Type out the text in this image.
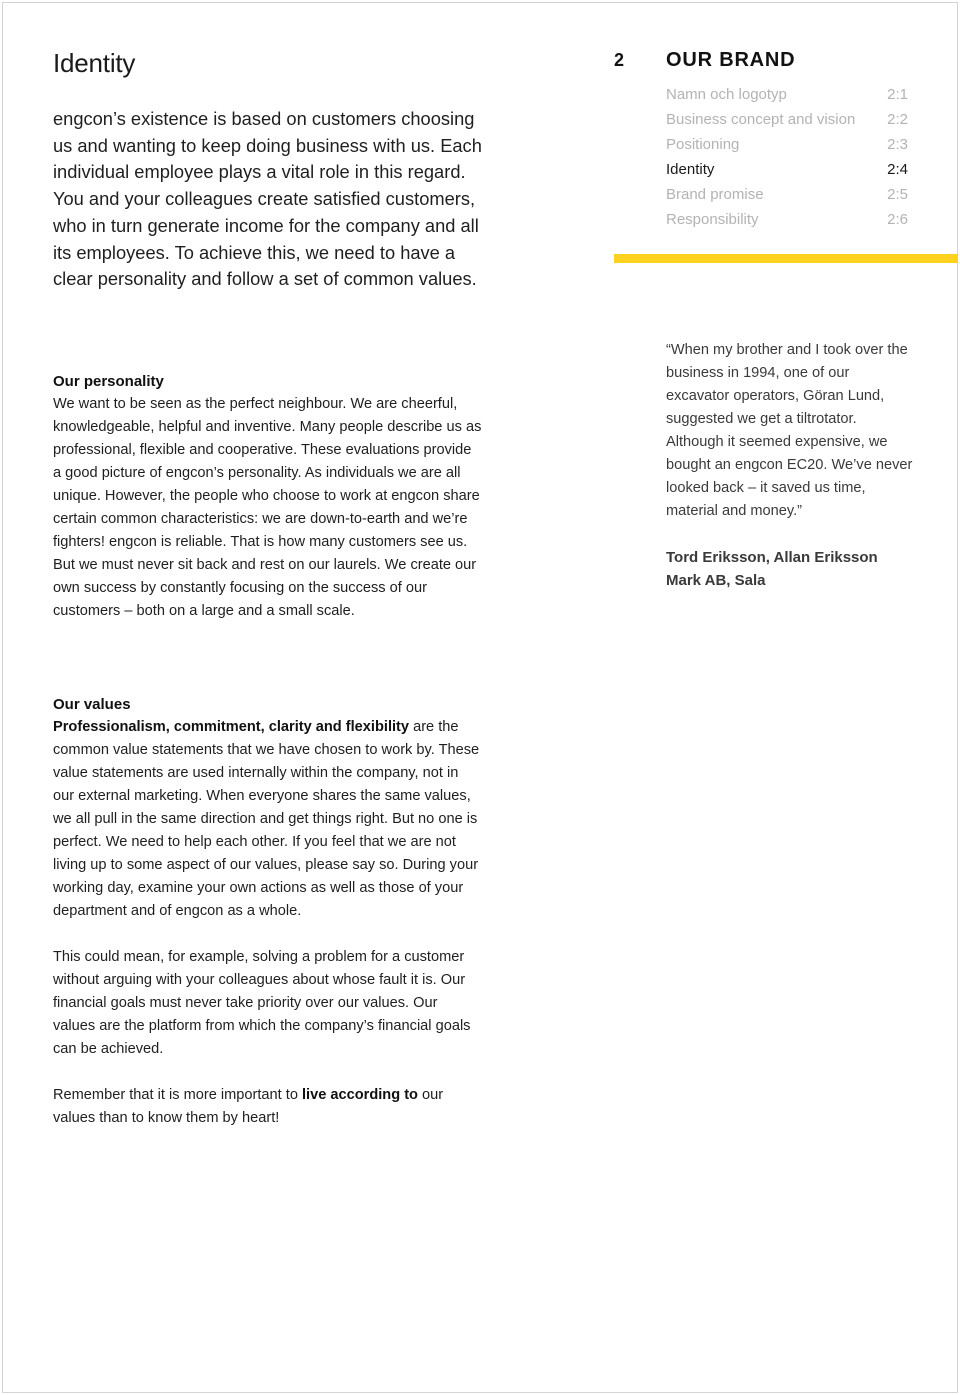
Identity

engcon’s existence is based on customers choosing us and wanting to keep doing business with us. Each individual employee plays a vital role in this regard. You and your colleagues create satisfied customers, who in turn generate income for the company and all its employees. To achieve this, we need to have a clear personality and follow a set of common values.

Our personality

We want to be seen as the perfect neighbour. We are cheerful, knowledgeable, helpful and inventive. Many people describe us as professional, flexible and cooperative. These evaluations provide a good picture of engcon’s personality. As individuals we are all unique. However, the people who choose to work at engcon share certain common characteristics: we are down-to-earth and we’re fighters! engcon is reliable. That is how many customers see us. But we must never sit back and rest on our laurels. We create our own success by constantly focusing on the success of our customers – both on a large and a small scale.

Our values

Professionalism, commitment, clarity and flexibility are the common value statements that we have chosen to work by. These value statements are used internally within the company, not in our external marketing. When everyone shares the same values, we all pull in the same direction and get things right. But no one is perfect. We need to help each other. If you feel that we are not living up to some aspect of our values, please say so. During your working day, examine your own actions as well as those of your department and of engcon as a whole.

This could mean, for example, solving a problem for a customer without arguing with your colleagues about whose fault it is. Our financial goals must never take priority over our values. Our values are the platform from which the company’s financial goals can be achieved.

Remember that it is more important to live according to our values than to know them by heart!

2 OUR BRAND
Namn och logotyp	2:1
Business concept and vision 2:2
Positioning	2:3
Identity	2:4
Brand promise	2:5
Responsibility	2:6

“When my brother and I took over the business in 1994, one of our excavator operators, Göran Lund, suggested we get a tiltrotator. Although it seemed expensive, we bought an engcon EC20. We’ve never looked back – it saved us time, material and money.”

Tord Eriksson, Allan Eriksson
Mark AB, Sala
